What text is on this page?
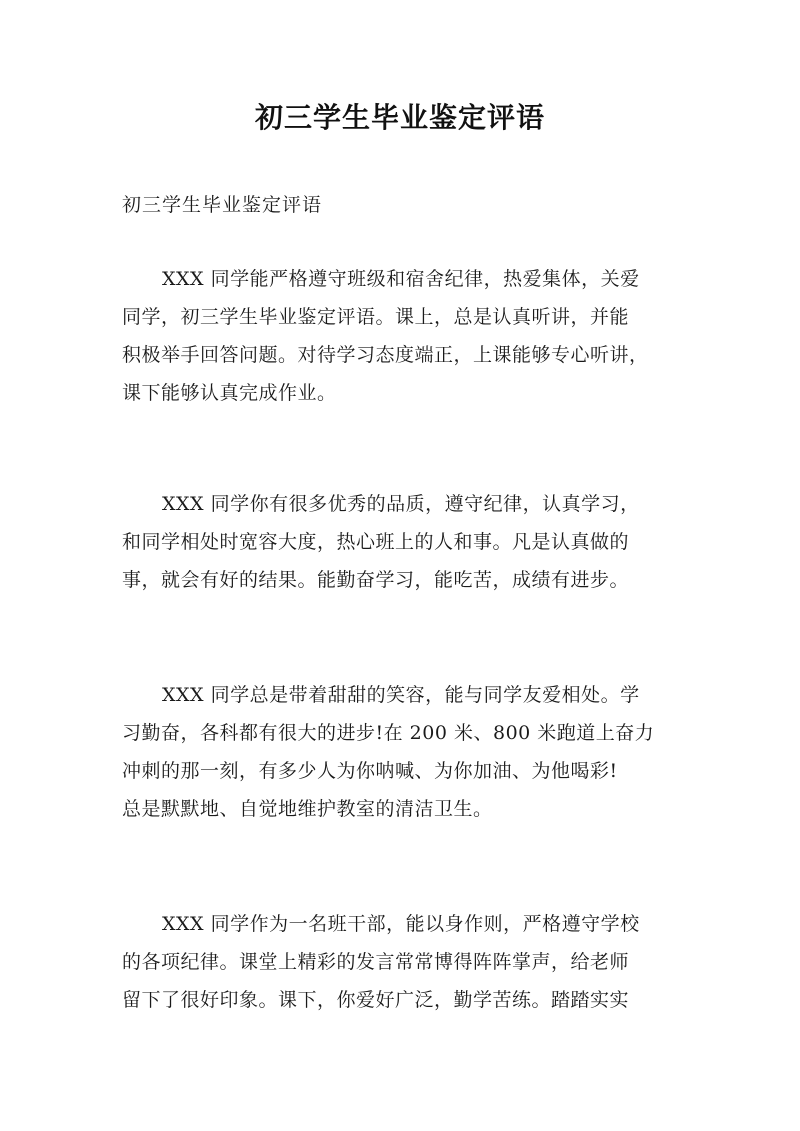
初三学生毕业鉴定评语
初三学生毕业鉴定评语
XXX 同学能严格遵守班级和宿舍纪律，热爱集体，关爱
同学，初三学生毕业鉴定评语。课上，总是认真听讲，并能
积极举手回答问题。对待学习态度端正，上课能够专心听讲，
课下能够认真完成作业。
XXX 同学你有很多优秀的品质，遵守纪律，认真学习，
和同学相处时宽容大度，热心班上的人和事。凡是认真做的
事，就会有好的结果。能勤奋学习，能吃苦，成绩有进步。
XXX 同学总是带着甜甜的笑容，能与同学友爱相处。学
习勤奋，各科都有很大的进步!在 200 米、800 米跑道上奋力
冲刺的那一刻，有多少人为你呐喊、为你加油、为他喝彩!
总是默默地、自觉地维护教室的清洁卫生。
XXX 同学作为一名班干部，能以身作则，严格遵守学校
的各项纪律。课堂上精彩的发言常常博得阵阵掌声，给老师
留下了很好印象。课下，你爱好广泛，勤学苦练。踏踏实实
